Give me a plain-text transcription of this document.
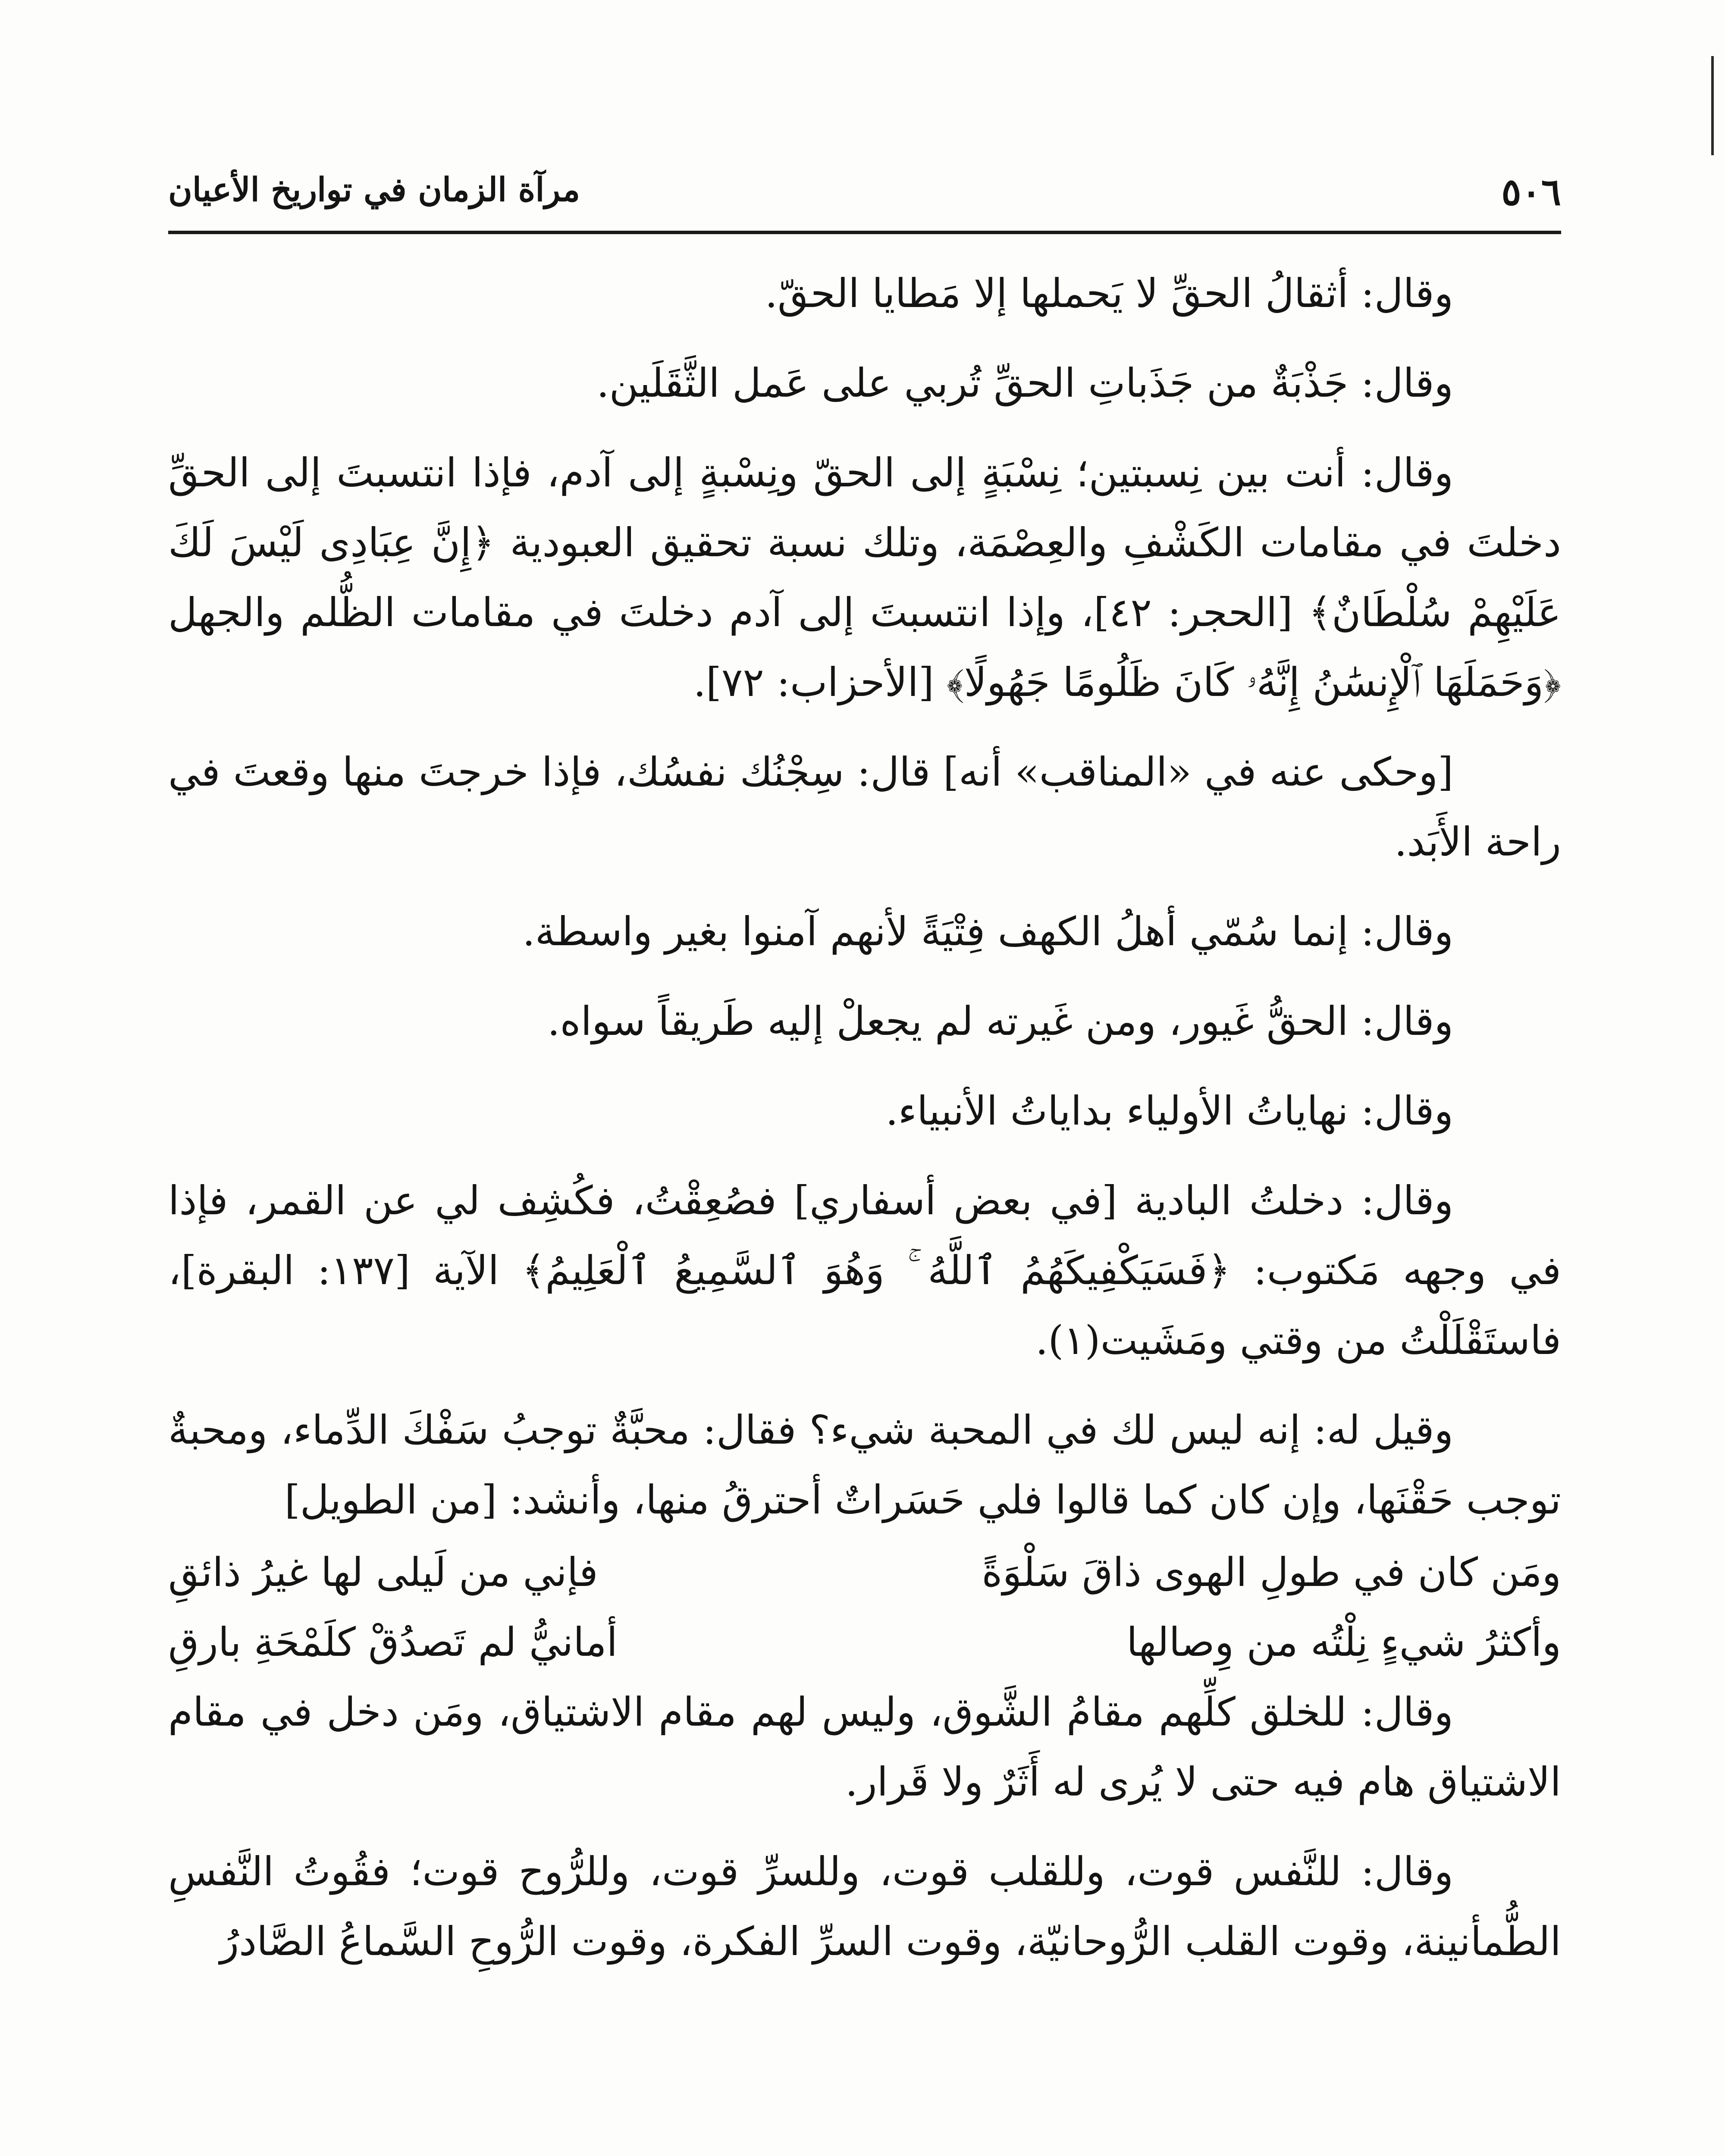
٥٠٦
مرآة الزمان في تواريخ الأعيان

وقال: أثقالُ الحقِّ لا يَحملها إلا مَطايا الحقّ.

وقال: جَذْبَةٌ من جَذَباتِ الحقِّ تُربي على عَمل الثَّقَلَين.

وقال: أنت بين نِسبتين؛ نِسْبَةٍ إلى الحقّ ونِسْبةٍ إلى آدم، فإذا انتسبتَ إلى الحقِّ دخلتَ في مقامات الكَشْفِ والعِصْمَة، وتلك نسبة تحقيق العبودية ﴿إِنَّ عِبَادِى لَيْسَ لَكَ عَلَيْهِمْ سُلْطَانٌ﴾ [الحجر: ٤٢]، وإذا انتسبتَ إلى آدم دخلتَ في مقامات الظُّلم والجهل ﴿وَحَمَلَهَا ٱلْإِنسَٰنُ إِنَّهُۥ كَانَ ظَلُومًا جَهُولًا﴾ [الأحزاب: ٧٢].

[وحكى عنه في «المناقب» أنه] قال: سِجْنُك نفسُك، فإذا خرجتَ منها وقعتَ في راحة الأَبَد.

وقال: إنما سُمّي أهلُ الكهف فِتْيَةً لأنهم آمنوا بغير واسطة.

وقال: الحقُّ غَيور، ومن غَيرته لم يجعلْ إليه طَريقاً سواه.

وقال: نهاياتُ الأولياء بداياتُ الأنبياء.

وقال: دخلتُ البادية [في بعض أسفاري] فصُعِقْتُ، فكُشِف لي عن القمر، فإذا في وجهه مَكتوب: ﴿فَسَيَكْفِيكَهُمُ ٱللَّهُ ۚ وَهُوَ ٱلسَّمِيعُ ٱلْعَلِيمُ﴾ الآية [١٣٧: البقرة]، فاستَقْلَلْتُ من وقتي ومَشَيت(١).

وقيل له: إنه ليس لك في المحبة شيء؟ فقال: محبَّةٌ توجبُ سَفْكَ الدِّماء، ومحبةٌ توجب حَقْنَها، وإن كان كما قالوا فلي حَسَراتٌ أحترقُ منها، وأنشد: [من الطويل]

ومَن كان في طولِ الهوى ذاقَ سَلْوَةً
فإني من لَيلى لها غيرُ ذائقِ
وأكثرُ شيءٍ نِلْتُه من وِصالها
أمانيُّ لم تَصدُقْ كلَمْحَةِ بارقِ

وقال: للخلق كلِّهم مقامُ الشَّوق، وليس لهم مقام الاشتياق، ومَن دخل في مقام الاشتياق هام فيه حتى لا يُرى له أَثَرٌ ولا قَرار.

وقال: للنَّفس قوت، وللقلب قوت، وللسرِّ قوت، وللرُّوح قوت؛ فقُوتُ النَّفسِ الطُّمأنينة، وقوت القلب الرُّوحانيّة، وقوت السرِّ الفكرة، وقوت الرُّوحِ السَّماعُ الصَّادرُ
